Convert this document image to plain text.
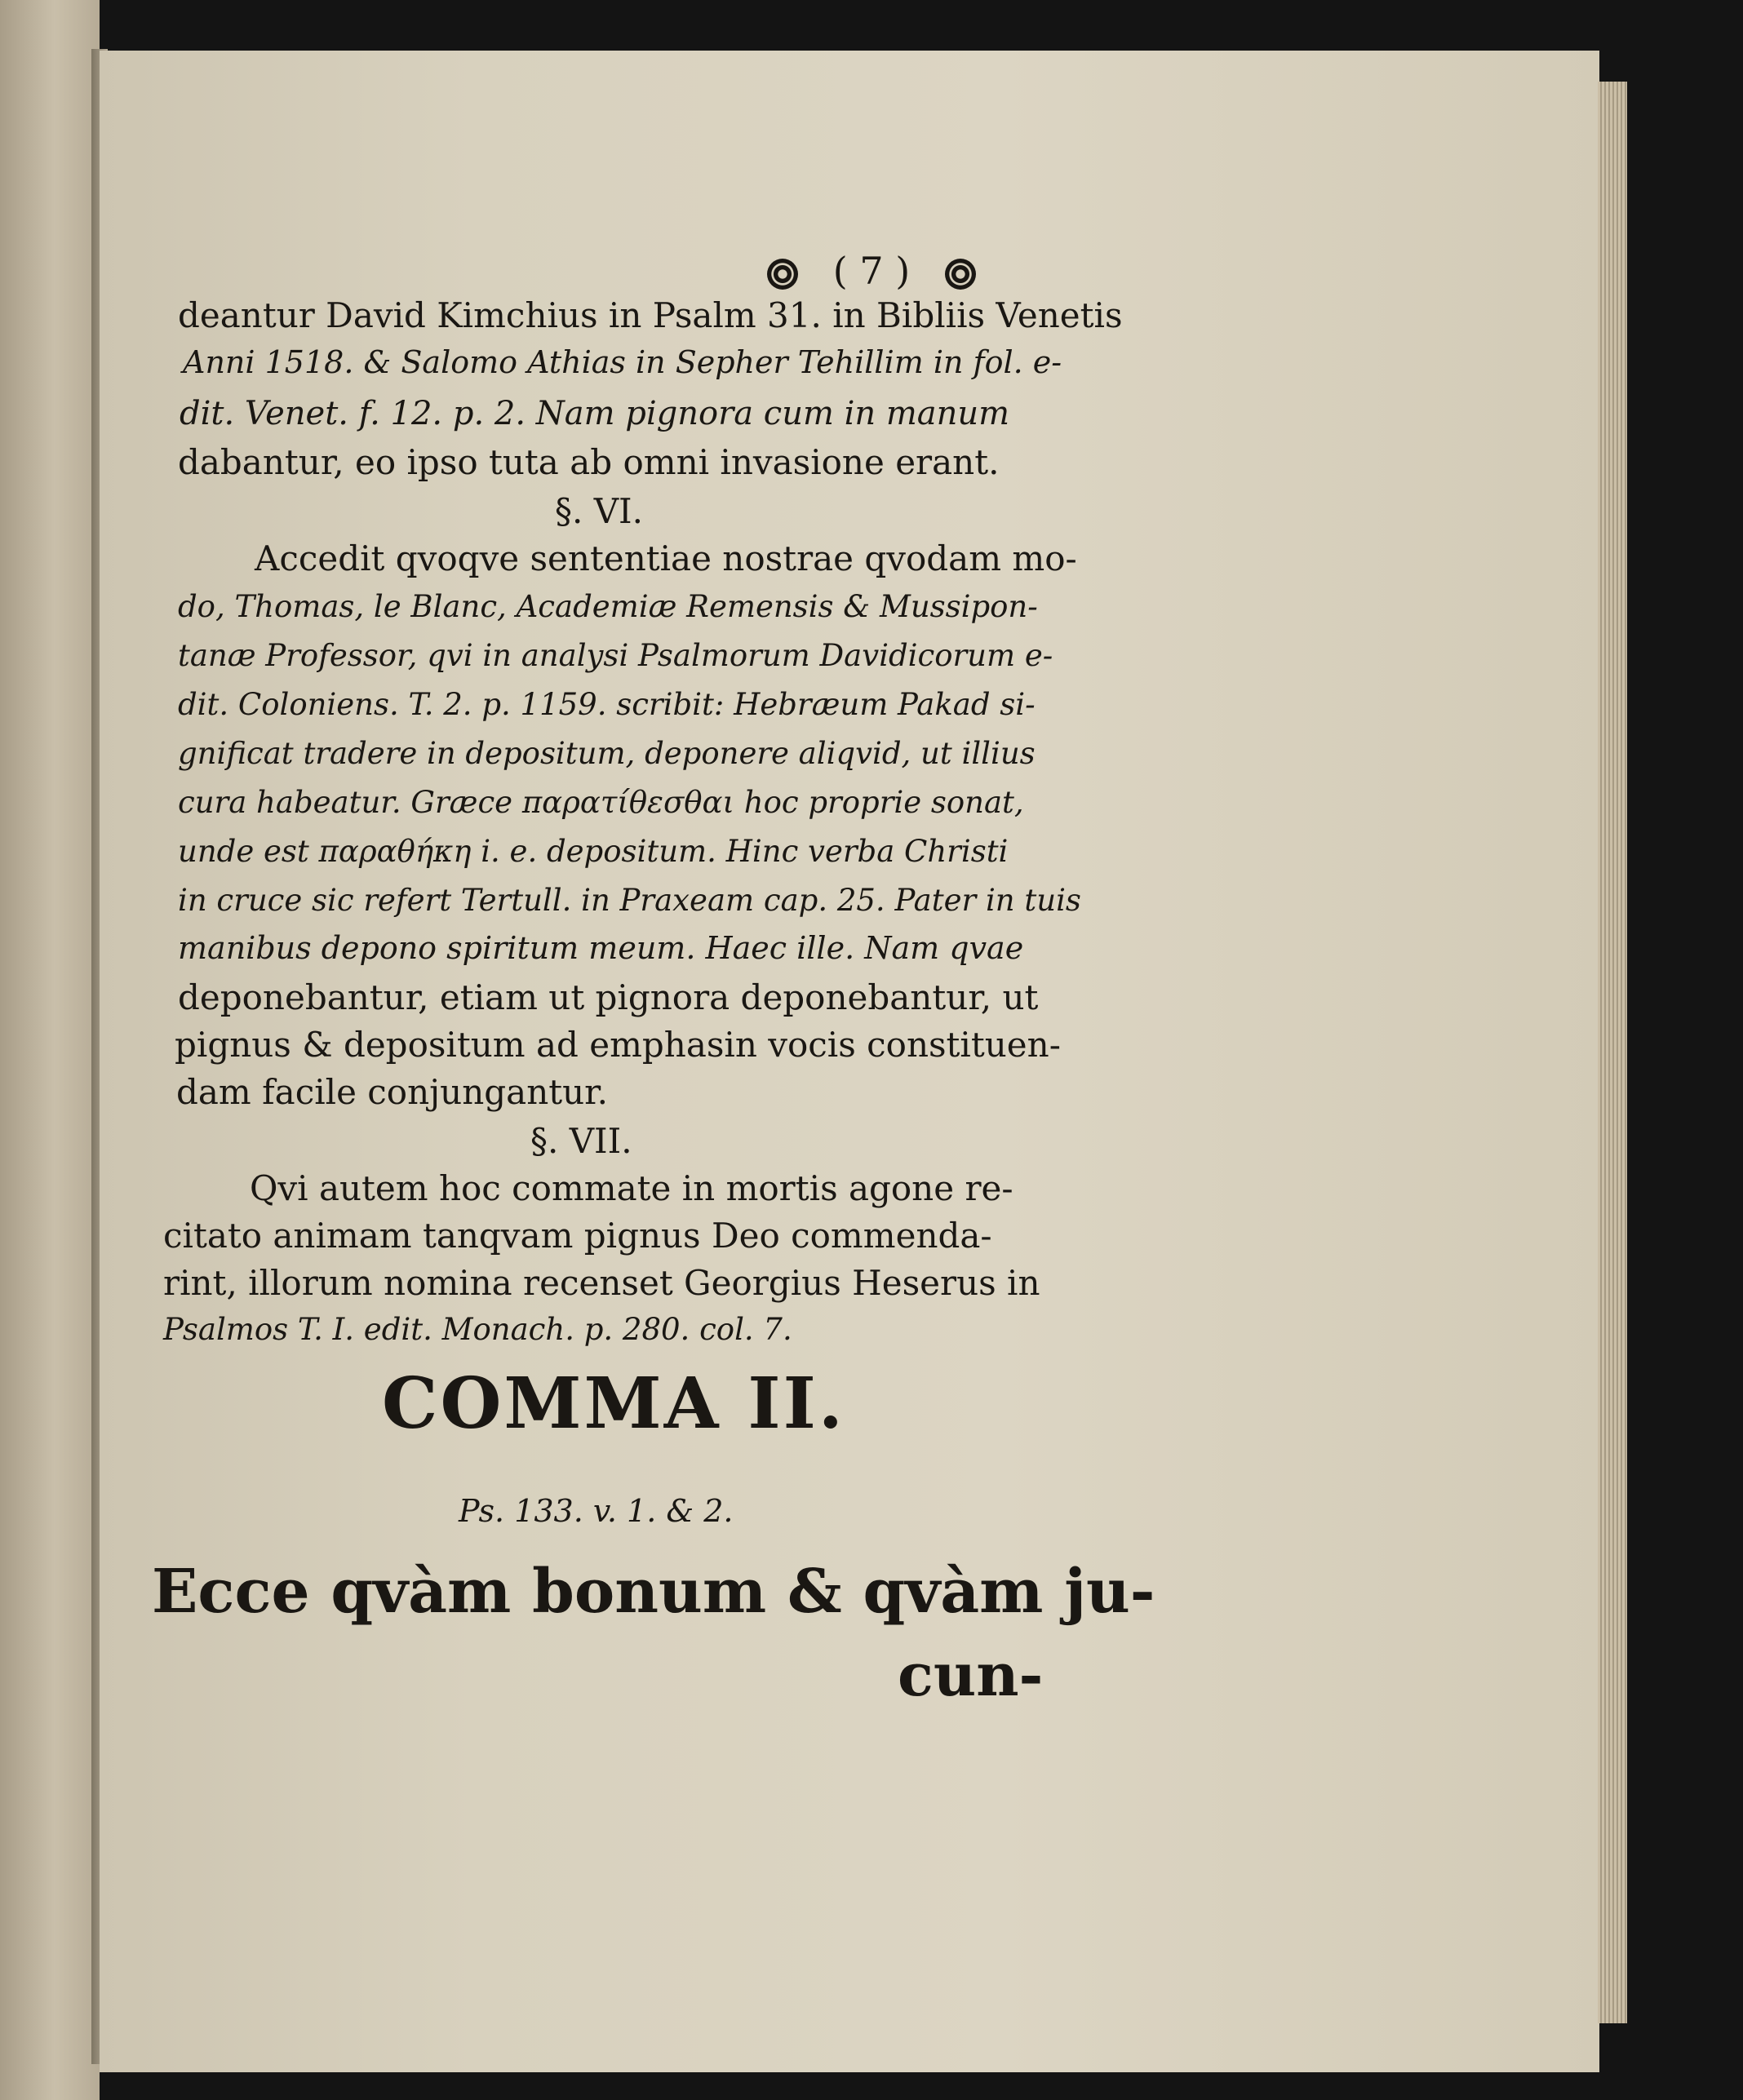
( 7 )

deantur David Kimchius in Psalm 31. in Bibliis Venetis

Anni 1518. & Salomo Athias in Sepher Tehillim in fol. e-

dit. Venet. f. 12. p. 2. Nam pignora cum in manum

dabantur, eo ipso tuta ab omni invasione erant.

§. VI.

Accedit qvoqve sententiae nostrae qvodam mo-

do, Thomas, le Blanc, Academiæ Remensis & Mussipon-

tanæ Professor, qvi in analysi Psalmorum Davidicorum e-

dit. Coloniens. T. 2. p. 1159. scribit: Hebræum Pakad si-

gnificat tradere in depositum, deponere aliqvid, ut illius

cura habeatur. Græce παρατίθεσθαι hoc proprie sonat,

unde est παραθήκη i. e. depositum. Hinc verba Christi

in cruce sic refert Tertull. in Praxeam cap. 25. Pater in tuis

manibus depono spiritum meum. Haec ille. Nam qvae

deponebantur, etiam ut pignora deponebantur, ut

pignus & depositum ad emphasin vocis constituen-

dam facile conjungantur.

§. VII.

Qvi autem hoc commate in mortis agone re-

citato animam tanqvam pignus Deo commenda-

rint, illorum nomina recenset Georgius Heserus in

Psalmos T. I. edit. Monach. p. 280. col. 7.

COMMA II.

Ps. 133. v. 1. & 2.

Ecce qvàm bonum & qvàm ju-

cun-
